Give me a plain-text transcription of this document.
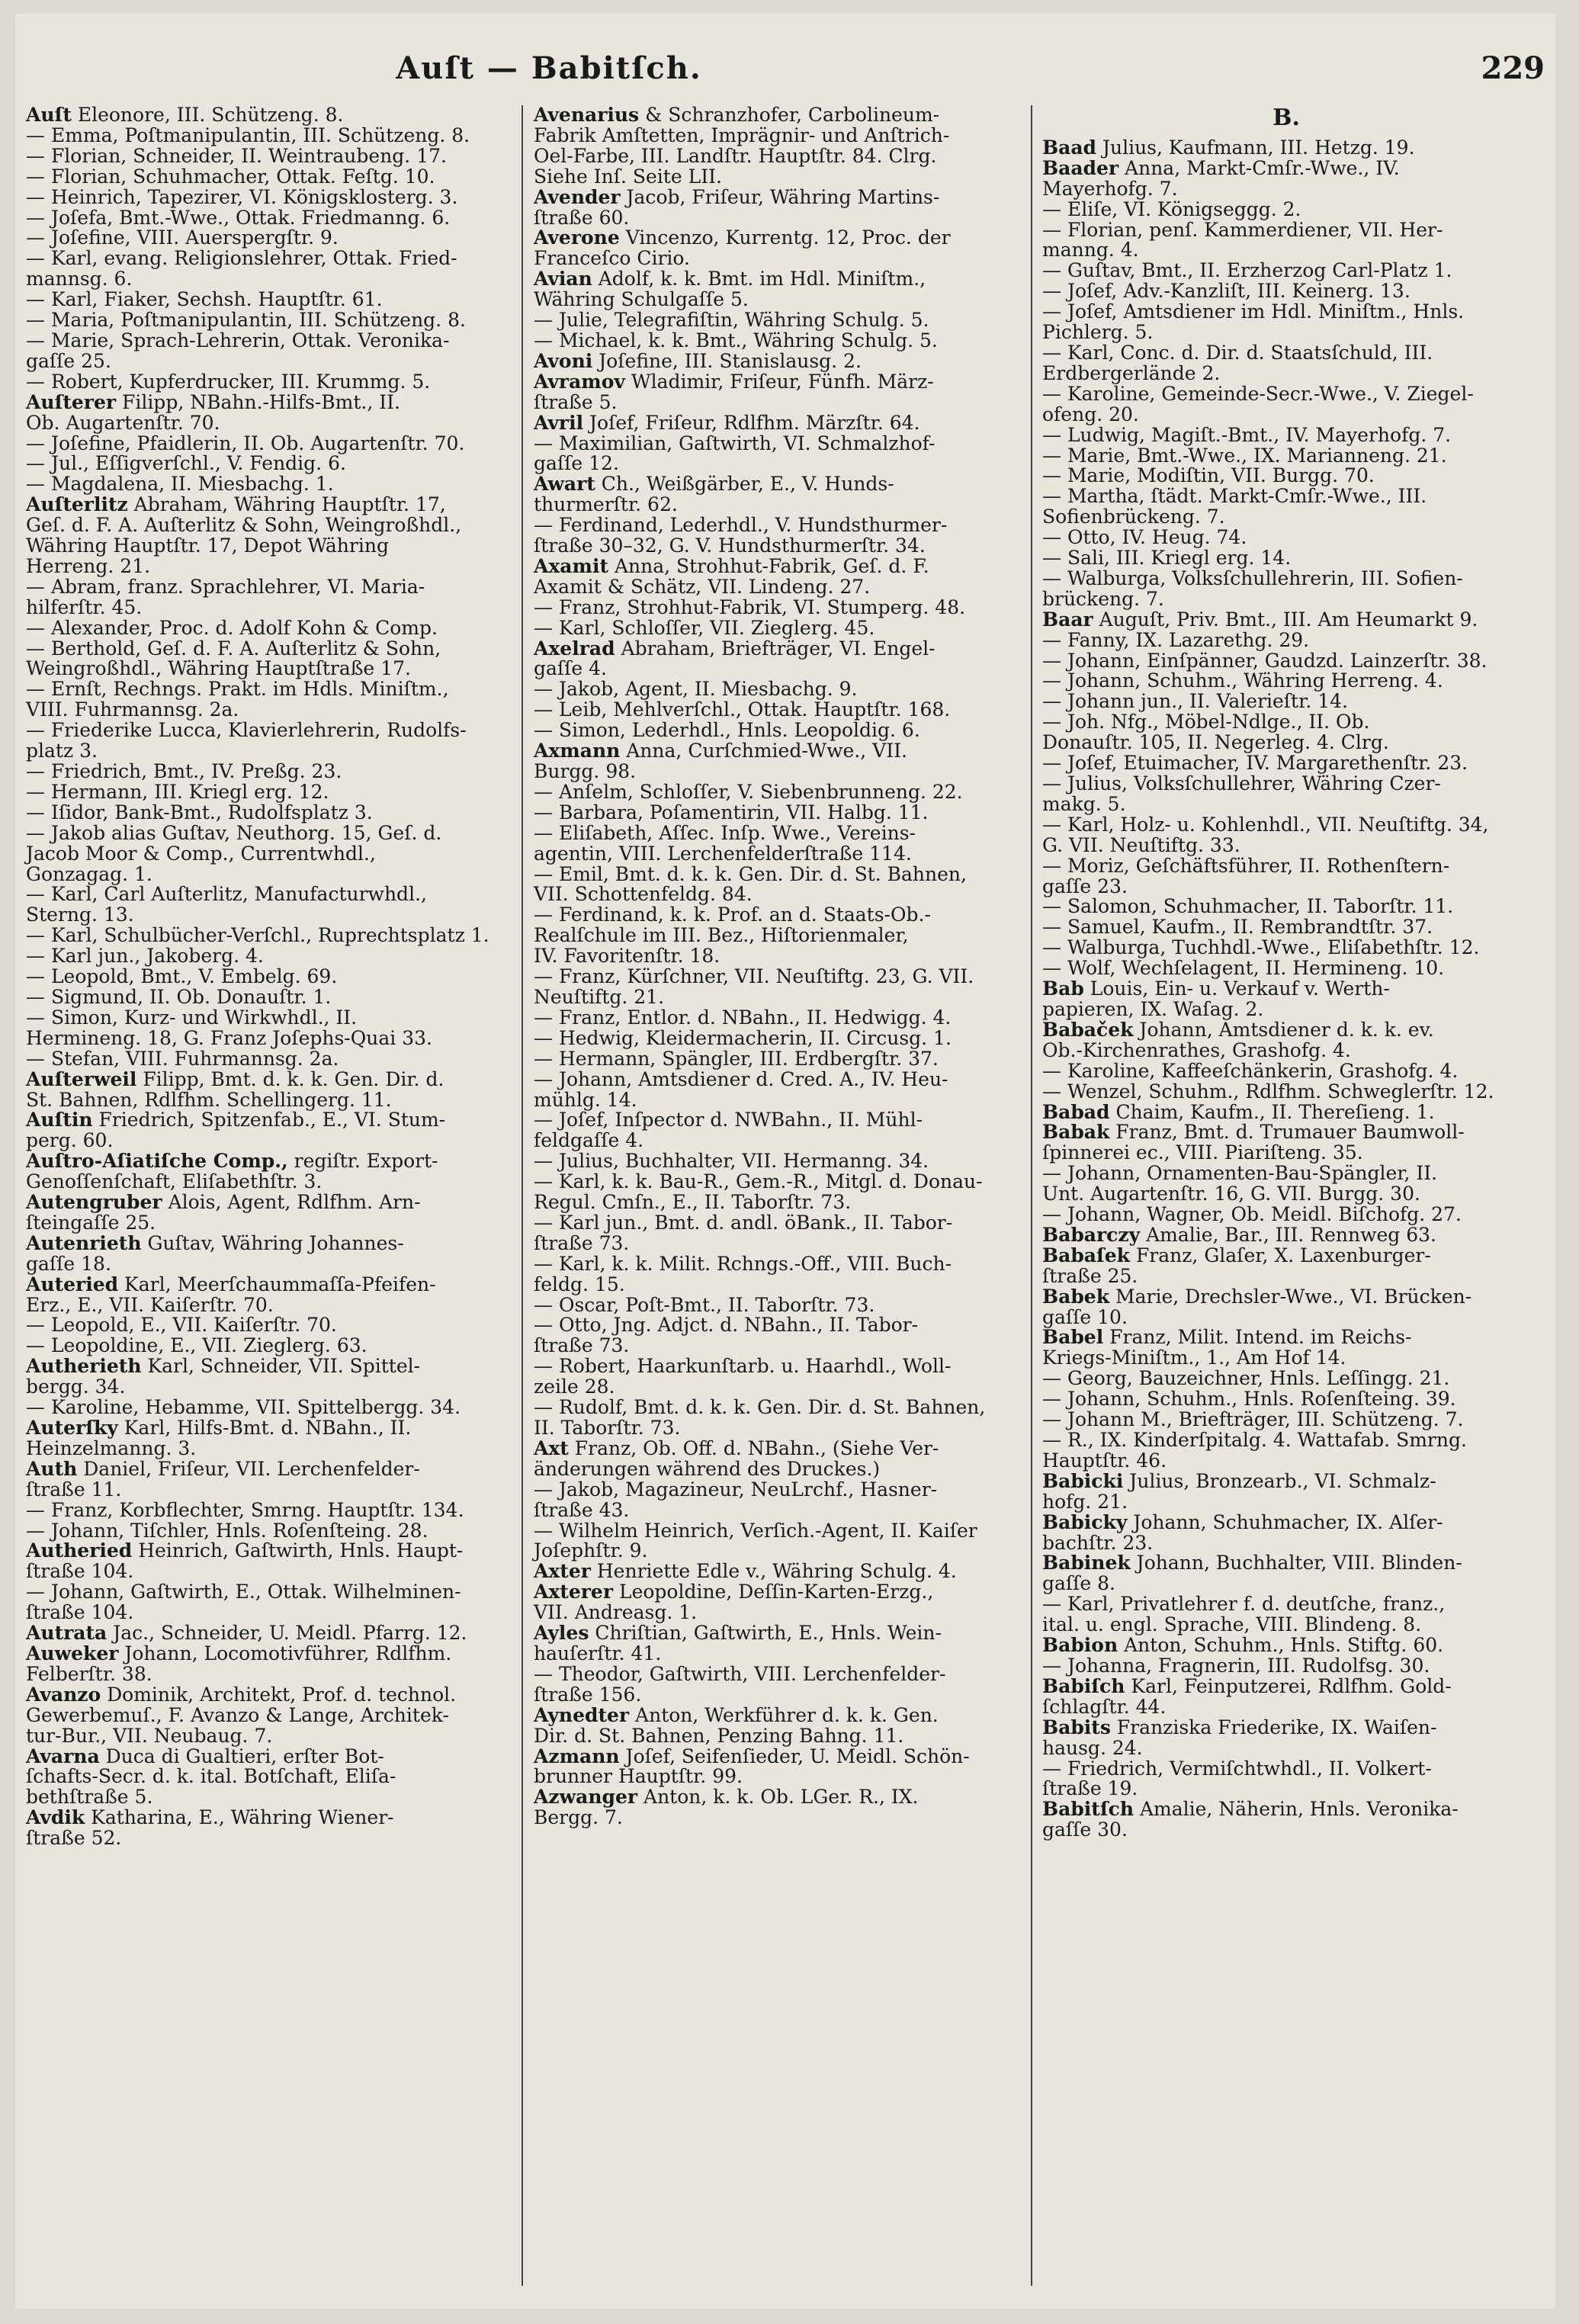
Auſt — Babitſch.	229
Auſt Eleonore, III. Schützeng. 8.
— Emma, Poſtmanipulantin, III. Schützeng. 8.
— Florian, Schneider, II. Weintraubeng. 17.
— Florian, Schuhmacher, Ottak. Feſtg. 10.
— Heinrich, Tapezirer, VI. Königsklosterg. 3.
— Joſefa, Bmt.-Wwe., Ottak. Friedmanng. 6.
— Joſefine, VIII. Auerspergſtr. 9.
— Karl, evang. Religionslehrer, Ottak. Fried-
mannsg. 6.
— Karl, Fiaker, Sechsh. Hauptſtr. 61.
— Maria, Poſtmanipulantin, III. Schützeng. 8.
— Marie, Sprach-Lehrerin, Ottak. Veronika-
gaſſe 25.
— Robert, Kupferdrucker, III. Krummg. 5.
Auſterer Filipp, NBahn.-Hilfs-Bmt., II.
Ob. Augartenſtr. 70.
— Joſefine, Pfaidlerin, II. Ob. Augartenſtr. 70.
— Jul., Eſſigverſchl., V. Fendig. 6.
— Magdalena, II. Miesbachg. 1.
Auſterlitz Abraham, Währing Hauptſtr. 17,
Geſ. d. F. A. Auſterlitz & Sohn, Weingroßhdl.,
Währing Hauptſtr. 17, Depot Währing
Herreng. 21.
— Abram, franz. Sprachlehrer, VI. Maria-
hilferſtr. 45.
— Alexander, Proc. d. Adolf Kohn & Comp.
— Berthold, Geſ. d. F. A. Auſterlitz & Sohn,
Weingroßhdl., Währing Hauptſtraße 17.
— Ernſt, Rechngs. Prakt. im Hdls. Miniſtm.,
VIII. Fuhrmannsg. 2a.
— Friederike Lucca, Klavierlehrerin, Rudolfs-
platz 3.
— Friedrich, Bmt., IV. Preßg. 23.
— Hermann, III. Kriegl erg. 12.
— Iſidor, Bank-Bmt., Rudolfsplatz 3.
— Jakob alias Guſtav, Neuthorg. 15, Geſ. d.
Jacob Moor & Comp., Currentwhdl.,
Gonzagag. 1.
— Karl, Carl Auſterlitz, Manufacturwhdl.,
Sterng. 13.
— Karl, Schulbücher-Verſchl., Ruprechtsplatz 1.
— Karl jun., Jakoberg. 4.
— Leopold, Bmt., V. Embelg. 69.
— Sigmund, II. Ob. Donauſtr. 1.
— Simon, Kurz- und Wirkwhdl., II.
Hermineng. 18, G. Franz Joſephs-Quai 33.
— Stefan, VIII. Fuhrmannsg. 2a.
Auſterweil Filipp, Bmt. d. k. k. Gen. Dir. d.
St. Bahnen, Rdlfhm. Schellingerg. 11.
Auſtin Friedrich, Spitzenfab., E., VI. Stum-
perg. 60.
Auſtro-Aſiatiſche Comp., regiſtr. Export-
Genoſſenſchaft, Eliſabethſtr. 3.
Autengruber Alois, Agent, Rdlfhm. Arn-
ſteingaſſe 25.
Autenrieth Guſtav, Währing Johannes-
gaſſe 18.
Auteried Karl, Meerſchaummaſſa-Pfeifen-
Erz., E., VII. Kaiſerſtr. 70.
— Leopold, E., VII. Kaiſerſtr. 70.
— Leopoldine, E., VII. Zieglerg. 63.
Autherieth Karl, Schneider, VII. Spittel-
bergg. 34.
— Karoline, Hebamme, VII. Spittelbergg. 34.
Auterſky Karl, Hilfs-Bmt. d. NBahn., II.
Heinzelmanng. 3.
Auth Daniel, Friſeur, VII. Lerchenfelder-
ſtraße 11.
— Franz, Korbflechter, Smrng. Hauptſtr. 134.
— Johann, Tiſchler, Hnls. Roſenſteing. 28.
Autheried Heinrich, Gaſtwirth, Hnls. Haupt-
ſtraße 104.
— Johann, Gaſtwirth, E., Ottak. Wilhelminen-
ſtraße 104.
Autrata Jac., Schneider, U. Meidl. Pfarrg. 12.
Auweker Johann, Locomotivführer, Rdlfhm.
Felberſtr. 38.
Avanzo Dominik, Architekt, Prof. d. technol.
Gewerbemuſ., F. Avanzo & Lange, Architek-
tur-Bur., VII. Neubaug. 7.
Avarna Duca di Gualtieri, erſter Bot-
ſchafts-Secr. d. k. ital. Botſchaft, Eliſa-
bethſtraße 5.
Avdik Katharina, E., Währing Wiener-
ſtraße 52.
Avenarius & Schranzhofer, Carbolineum-
Fabrik Amſtetten, Imprägnir- und Anſtrich-
Oel-Farbe, III. Landſtr. Hauptſtr. 84. Clrg.
Siehe Inſ. Seite LII.
Avender Jacob, Friſeur, Währing Martins-
ſtraße 60.
Averone Vincenzo, Kurrentg. 12, Proc. der
Franceſco Cirio.
Avian Adolf, k. k. Bmt. im Hdl. Miniſtm.,
Währing Schulgaſſe 5.
— Julie, Telegrafiſtin, Währing Schulg. 5.
— Michael, k. k. Bmt., Währing Schulg. 5.
Avoni Joſefine, III. Stanislausg. 2.
Avramov Wladimir, Friſeur, Fünfh. März-
ſtraße 5.
Avril Joſef, Friſeur, Rdlfhm. Märzſtr. 64.
— Maximilian, Gaſtwirth, VI. Schmalzhof-
gaſſe 12.
Awart Ch., Weißgärber, E., V. Hunds-
thurmerſtr. 62.
— Ferdinand, Lederhdl., V. Hundsthurmer-
ſtraße 30–32, G. V. Hundsthurmerſtr. 34.
Axamit Anna, Strohhut-Fabrik, Geſ. d. F.
Axamit & Schätz, VII. Lindeng. 27.
— Franz, Strohhut-Fabrik, VI. Stumperg. 48.
— Karl, Schloſſer, VII. Zieglerg. 45.
Axelrad Abraham, Briefträger, VI. Engel-
gaſſe 4.
— Jakob, Agent, II. Miesbachg. 9.
— Leib, Mehlverſchl., Ottak. Hauptſtr. 168.
— Simon, Lederhdl., Hnls. Leopoldig. 6.
Axmann Anna, Curſchmied-Wwe., VII.
Burgg. 98.
— Anſelm, Schloſſer, V. Siebenbrunneng. 22.
— Barbara, Poſamentirin, VII. Halbg. 11.
— Eliſabeth, Aſſec. Inſp. Wwe., Vereins-
agentin, VIII. Lerchenfelderſtraße 114.
— Emil, Bmt. d. k. k. Gen. Dir. d. St. Bahnen,
VII. Schottenfeldg. 84.
— Ferdinand, k. k. Prof. an d. Staats-Ob.-
Realſchule im III. Bez., Hiſtorienmaler,
IV. Favoritenſtr. 18.
— Franz, Kürſchner, VII. Neuſtiftg. 23, G. VII.
Neuſtiftg. 21.
— Franz, Entlor. d. NBahn., II. Hedwigg. 4.
— Hedwig, Kleidermacherin, II. Circusg. 1.
— Hermann, Spängler, III. Erdbergſtr. 37.
— Johann, Amtsdiener d. Cred. A., IV. Heu-
mühlg. 14.
— Joſef, Inſpector d. NWBahn., II. Mühl-
feldgaſſe 4.
— Julius, Buchhalter, VII. Hermanng. 34.
— Karl, k. k. Bau-R., Gem.-R., Mitgl. d. Donau-
Regul. Cmſn., E., II. Taborſtr. 73.
— Karl jun., Bmt. d. andl. öBank., II. Tabor-
ſtraße 73.
— Karl, k. k. Milit. Rchngs.-Off., VIII. Buch-
feldg. 15.
— Oscar, Poſt-Bmt., II. Taborſtr. 73.
— Otto, Jng. Adjct. d. NBahn., II. Tabor-
ſtraße 73.
— Robert, Haarkunſtarb. u. Haarhdl., Woll-
zeile 28.
— Rudolf, Bmt. d. k. k. Gen. Dir. d. St. Bahnen,
II. Taborſtr. 73.
Axt Franz, Ob. Off. d. NBahn., (Siehe Ver-
änderungen während des Druckes.)
— Jakob, Magazineur, NeuLrchf., Hasner-
ſtraße 43.
— Wilhelm Heinrich, Verſich.-Agent, II. Kaiſer
Joſephſtr. 9.
Axter Henriette Edle v., Währing Schulg. 4.
Axterer Leopoldine, Deſſin-Karten-Erzg.,
VII. Andreasg. 1.
Ayles Chriſtian, Gaſtwirth, E., Hnls. Wein-
hauſerſtr. 41.
— Theodor, Gaſtwirth, VIII. Lerchenfelder-
ſtraße 156.
Aynedter Anton, Werkführer d. k. k. Gen.
Dir. d. St. Bahnen, Penzing Bahng. 11.
Azmann Joſef, Seifenſieder, U. Meidl. Schön-
brunner Hauptſtr. 99.
Azwanger Anton, k. k. Ob. LGer. R., IX.
Bergg. 7.
B.
Baad Julius, Kaufmann, III. Hetzg. 19.
Baader Anna, Markt-Cmſr.-Wwe., IV.
Mayerhofg. 7.
— Eliſe, VI. Königseggg. 2.
— Florian, penſ. Kammerdiener, VII. Her-
manng. 4.
— Guſtav, Bmt., II. Erzherzog Carl-Platz 1.
— Joſef, Adv.-Kanzliſt, III. Keinerg. 13.
— Joſef, Amtsdiener im Hdl. Miniſtm., Hnls.
Pichlerg. 5.
— Karl, Conc. d. Dir. d. Staatsſchuld, III.
Erdbergerlände 2.
— Karoline, Gemeinde-Secr.-Wwe., V. Ziegel-
ofeng. 20.
— Ludwig, Magiſt.-Bmt., IV. Mayerhofg. 7.
— Marie, Bmt.-Wwe., IX. Marianneng. 21.
— Marie, Modiſtin, VII. Burgg. 70.
— Martha, ſtädt. Markt-Cmſr.-Wwe., III.
Sofienbrückeng. 7.
— Otto, IV. Heug. 74.
— Sali, III. Kriegl erg. 14.
— Walburga, Volksſchullehrerin, III. Sofien-
brückeng. 7.
Baar Auguſt, Priv. Bmt., III. Am Heumarkt 9.
— Fanny, IX. Lazarethg. 29.
— Johann, Einſpänner, Gaudzd. Lainzerſtr. 38.
— Johann, Schuhm., Währing Herreng. 4.
— Johann jun., II. Valerieſtr. 14.
— Joh. Nfg., Möbel-Ndlge., II. Ob.
Donauſtr. 105, II. Negerleg. 4. Clrg.
— Joſef, Etuimacher, IV. Margarethenſtr. 23.
— Julius, Volksſchullehrer, Währing Czer-
makg. 5.
— Karl, Holz- u. Kohlenhdl., VII. Neuſtiftg. 34,
G. VII. Neuſtiftg. 33.
— Moriz, Geſchäftsführer, II. Rothenſtern-
gaſſe 23.
— Salomon, Schuhmacher, II. Taborſtr. 11.
— Samuel, Kaufm., II. Rembrandtſtr. 37.
— Walburga, Tuchhdl.-Wwe., Eliſabethſtr. 12.
— Wolf, Wechſelagent, II. Hermineng. 10.
Bab Louis, Ein- u. Verkauf v. Werth-
papieren, IX. Waſag. 2.
Babaček Johann, Amtsdiener d. k. k. ev.
Ob.-Kirchenrathes, Grashofg. 4.
— Karoline, Kaffeeſchänkerin, Grashofg. 4.
— Wenzel, Schuhm., Rdlfhm. Schweglerſtr. 12.
Babad Chaim, Kaufm., II. Thereſieng. 1.
Babak Franz, Bmt. d. Trumauer Baumwoll-
ſpinnerei ec., VIII. Piariſteng. 35.
— Johann, Ornamenten-Bau-Spängler, II.
Unt. Augartenſtr. 16, G. VII. Burgg. 30.
— Johann, Wagner, Ob. Meidl. Biſchofg. 27.
Babarczy Amalie, Bar., III. Rennweg 63.
Babaſek Franz, Glaſer, X. Laxenburger-
ſtraße 25.
Babek Marie, Drechsler-Wwe., VI. Brücken-
gaſſe 10.
Babel Franz, Milit. Intend. im Reichs-
Kriegs-Miniſtm., 1., Am Hof 14.
— Georg, Bauzeichner, Hnls. Leſſingg. 21.
— Johann, Schuhm., Hnls. Roſenſteing. 39.
— Johann M., Briefträger, III. Schützeng. 7.
— R., IX. Kinderſpitalg. 4. Wattafab. Smrng.
Hauptſtr. 46.
Babicki Julius, Bronzearb., VI. Schmalz-
hofg. 21.
Babicky Johann, Schuhmacher, IX. Alſer-
bachſtr. 23.
Babinek Johann, Buchhalter, VIII. Blinden-
gaſſe 8.
— Karl, Privatlehrer f. d. deutſche, franz.,
ital. u. engl. Sprache, VIII. Blindeng. 8.
Babion Anton, Schuhm., Hnls. Stiftg. 60.
— Johanna, Fragnerin, III. Rudolfsg. 30.
Babiſch Karl, Feinputzerei, Rdlfhm. Gold-
ſchlagſtr. 44.
Babits Franziska Friederike, IX. Waiſen-
hausg. 24.
— Friedrich, Vermiſchtwhdl., II. Volkert-
ſtraße 19.
Babitſch Amalie, Näherin, Hnls. Veronika-
gaſſe 30.
